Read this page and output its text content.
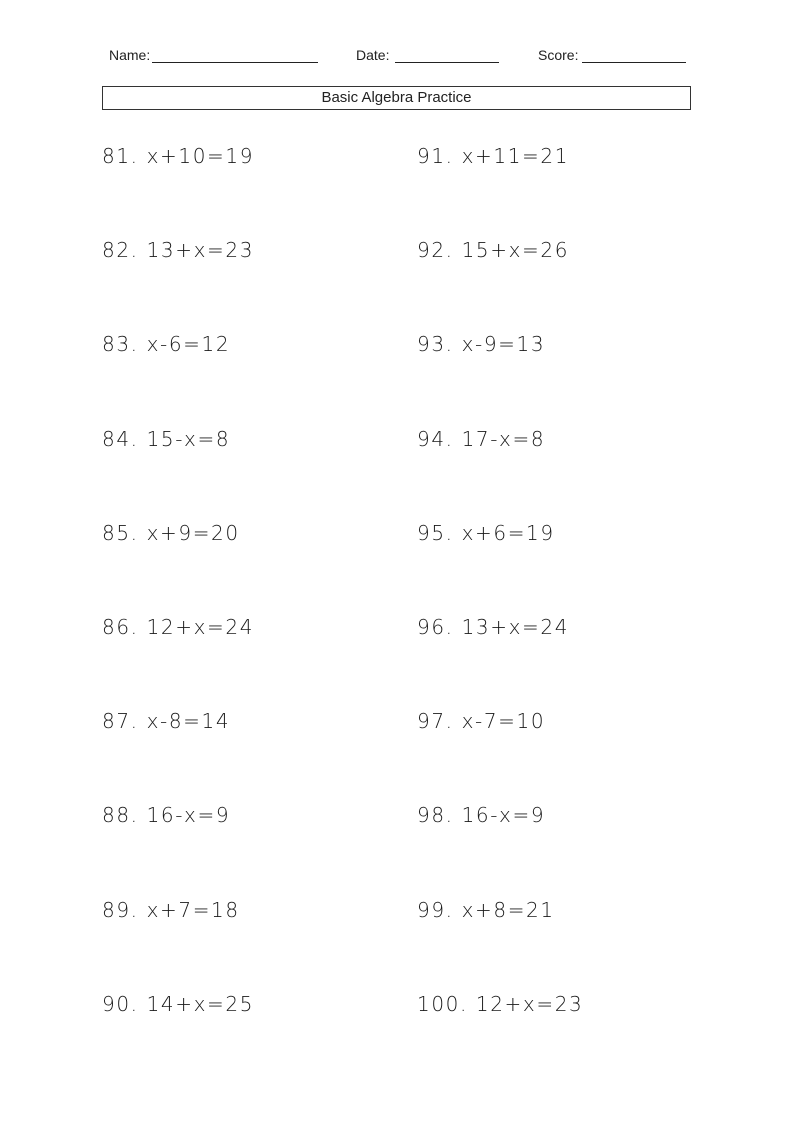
Name:	Date:	Score:
Basic Algebra Practice
81. x+10=19
82. 13+x=23
83. x-6=12
84. 15-x=8
85. x+9=20
86. 12+x=24
87. x-8=14
88. 16-x=9
89. x+7=18
90. 14+x=25
91. x+11=21
92. 15+x=26
93. x-9=13
94. 17-x=8
95. x+6=19
96. 13+x=24
97. x-7=10
98. 16-x=9
99. x+8=21
100. 12+x=23
